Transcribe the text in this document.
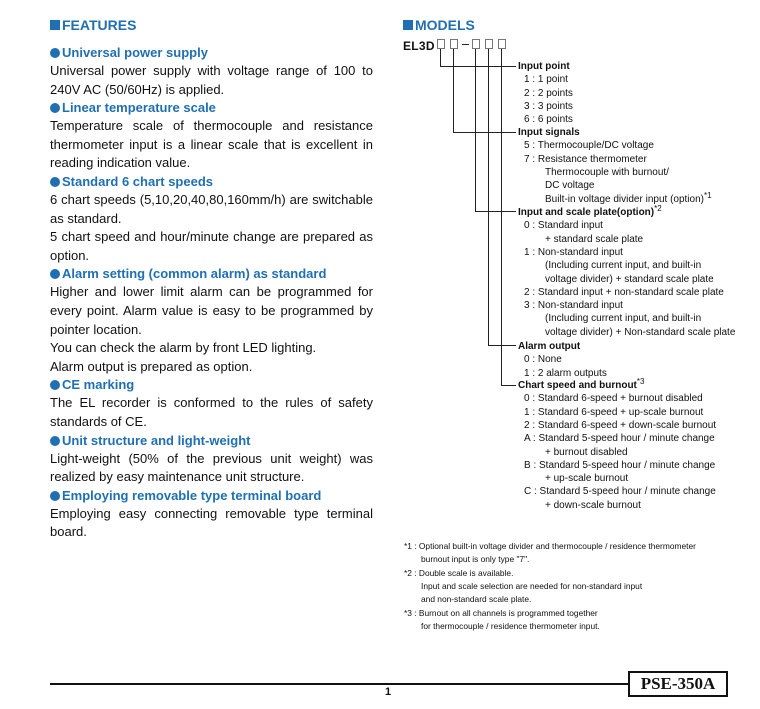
FEATURES
Universal power supply

Universal power supply with voltage range of 100 to 240V AC (50/60Hz) is applied.

Linear temperature scale

Temperature scale of thermocouple and resistance thermometer input is a linear scale that is excellent in reading indication value.

Standard 6 chart speeds

6 chart speeds (5,10,20,40,80,160mm/h) are switchable as standard.

5 chart speed and hour/minute change are prepared as option.

Alarm setting (common alarm) as standard

Higher and lower limit alarm can be programmed for every point. Alarm value is easy to be programmed by pointer location.

You can check the alarm by front LED lighting.

Alarm output is prepared as option.

CE marking

The EL recorder is conformed to the rules of safety standards of CE.

Unit structure and light-weight

Light-weight (50% of the previous unit weight) was realized by easy maintenance unit structure.

Employing removable type terminal board

Employing easy connecting removable type terminal board.

MODELS
EL3D
Input point
1 : 1 point
2 : 2 points
3 : 3 points
6 : 6 points
Input signals
5 : Thermocouple/DC voltage
7 : Resistance thermometer
Thermocouple with burnout/
DC voltage
Built-in voltage divider input (option)$^{*1}$
Input and scale plate(option)$^{*2}$
0 : Standard input
+ standard scale plate
1 : Non-standard input
(Including current input, and built-in
voltage divider) + standard scale plate
2 : Standard input + non-standard scale plate
3 : Non-standard input
(Including current input, and built-in
voltage divider) + Non-standard scale plate
Alarm output
0 : None
1 : 2 alarm outputs
Chart speed and burnout$^{*3}$
0 : Standard 6-speed + burnout disabled
1 : Standard 6-speed + up-scale burnout
2 : Standard 6-speed + down-scale burnout
A : Standard 5-speed hour / minute change
+ burnout disabled
B : Standard 5-speed hour / minute change
+ up-scale burnout
C : Standard 5-speed hour / minute change
+ down-scale burnout
*1 : Optional built-in voltage divider and thermocouple / residence thermometer
burnout input is only type "7".
*2 : Double scale is available.
Input and scale selection are needed for non-standard input
and non-standard scale plate.
*3 : Burnout on all channels is programmed together
for thermocouple / residence thermometer input.
1	PSE-350A
